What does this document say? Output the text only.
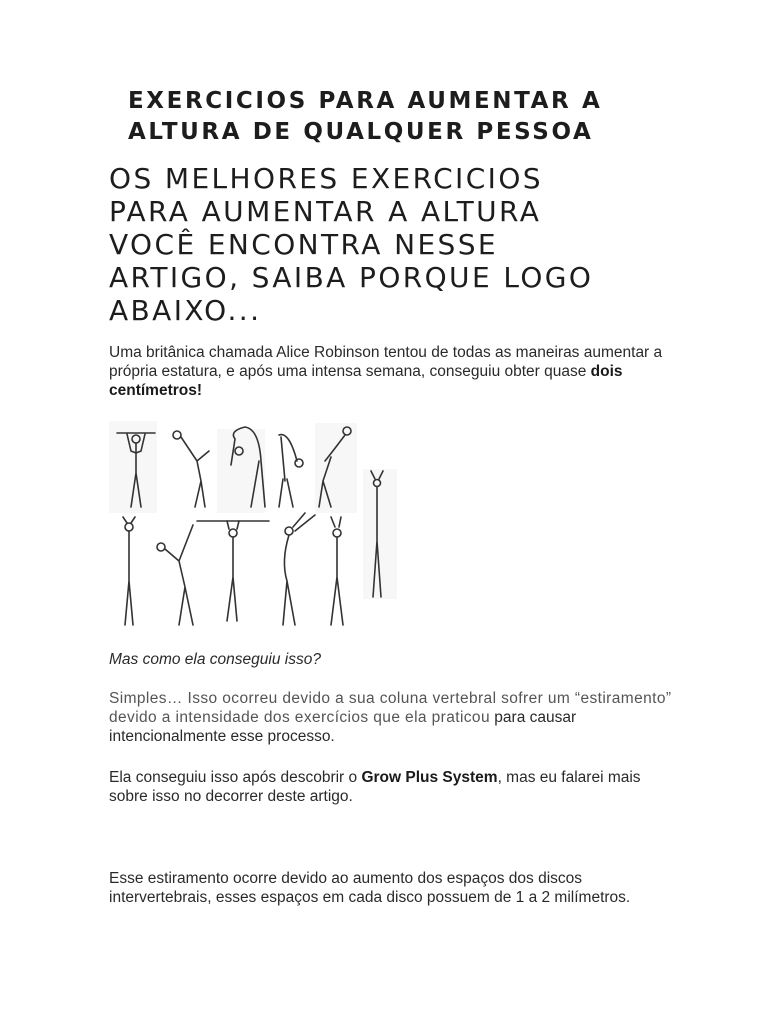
EXERCICIOS PARA AUMENTAR A
ALTURA DE QUALQUER PESSOA
OS MELHORES EXERCICIOS
PARA AUMENTAR A ALTURA
VOCÊ ENCONTRA NESSE
ARTIGO, SAIBA PORQUE LOGO
ABAIXO...
Uma britânica chamada Alice Robinson tentou de todas as maneiras aumentar a própria estatura, e após uma intensa semana, conseguiu obter quase dois centímetros!
Mas como ela conseguiu isso?
Simples… Isso ocorreu devido a sua coluna vertebral sofrer um “estiramento” devido a intensidade dos exercícios que ela praticou para causar intencionalmente esse processo.
Ela conseguiu isso após descobrir o Grow Plus System, mas eu falarei mais sobre isso no decorrer deste artigo.
Esse estiramento ocorre devido ao aumento dos espaços dos discos intervertebrais, esses espaços em cada disco possuem de 1 a 2 milímetros.
